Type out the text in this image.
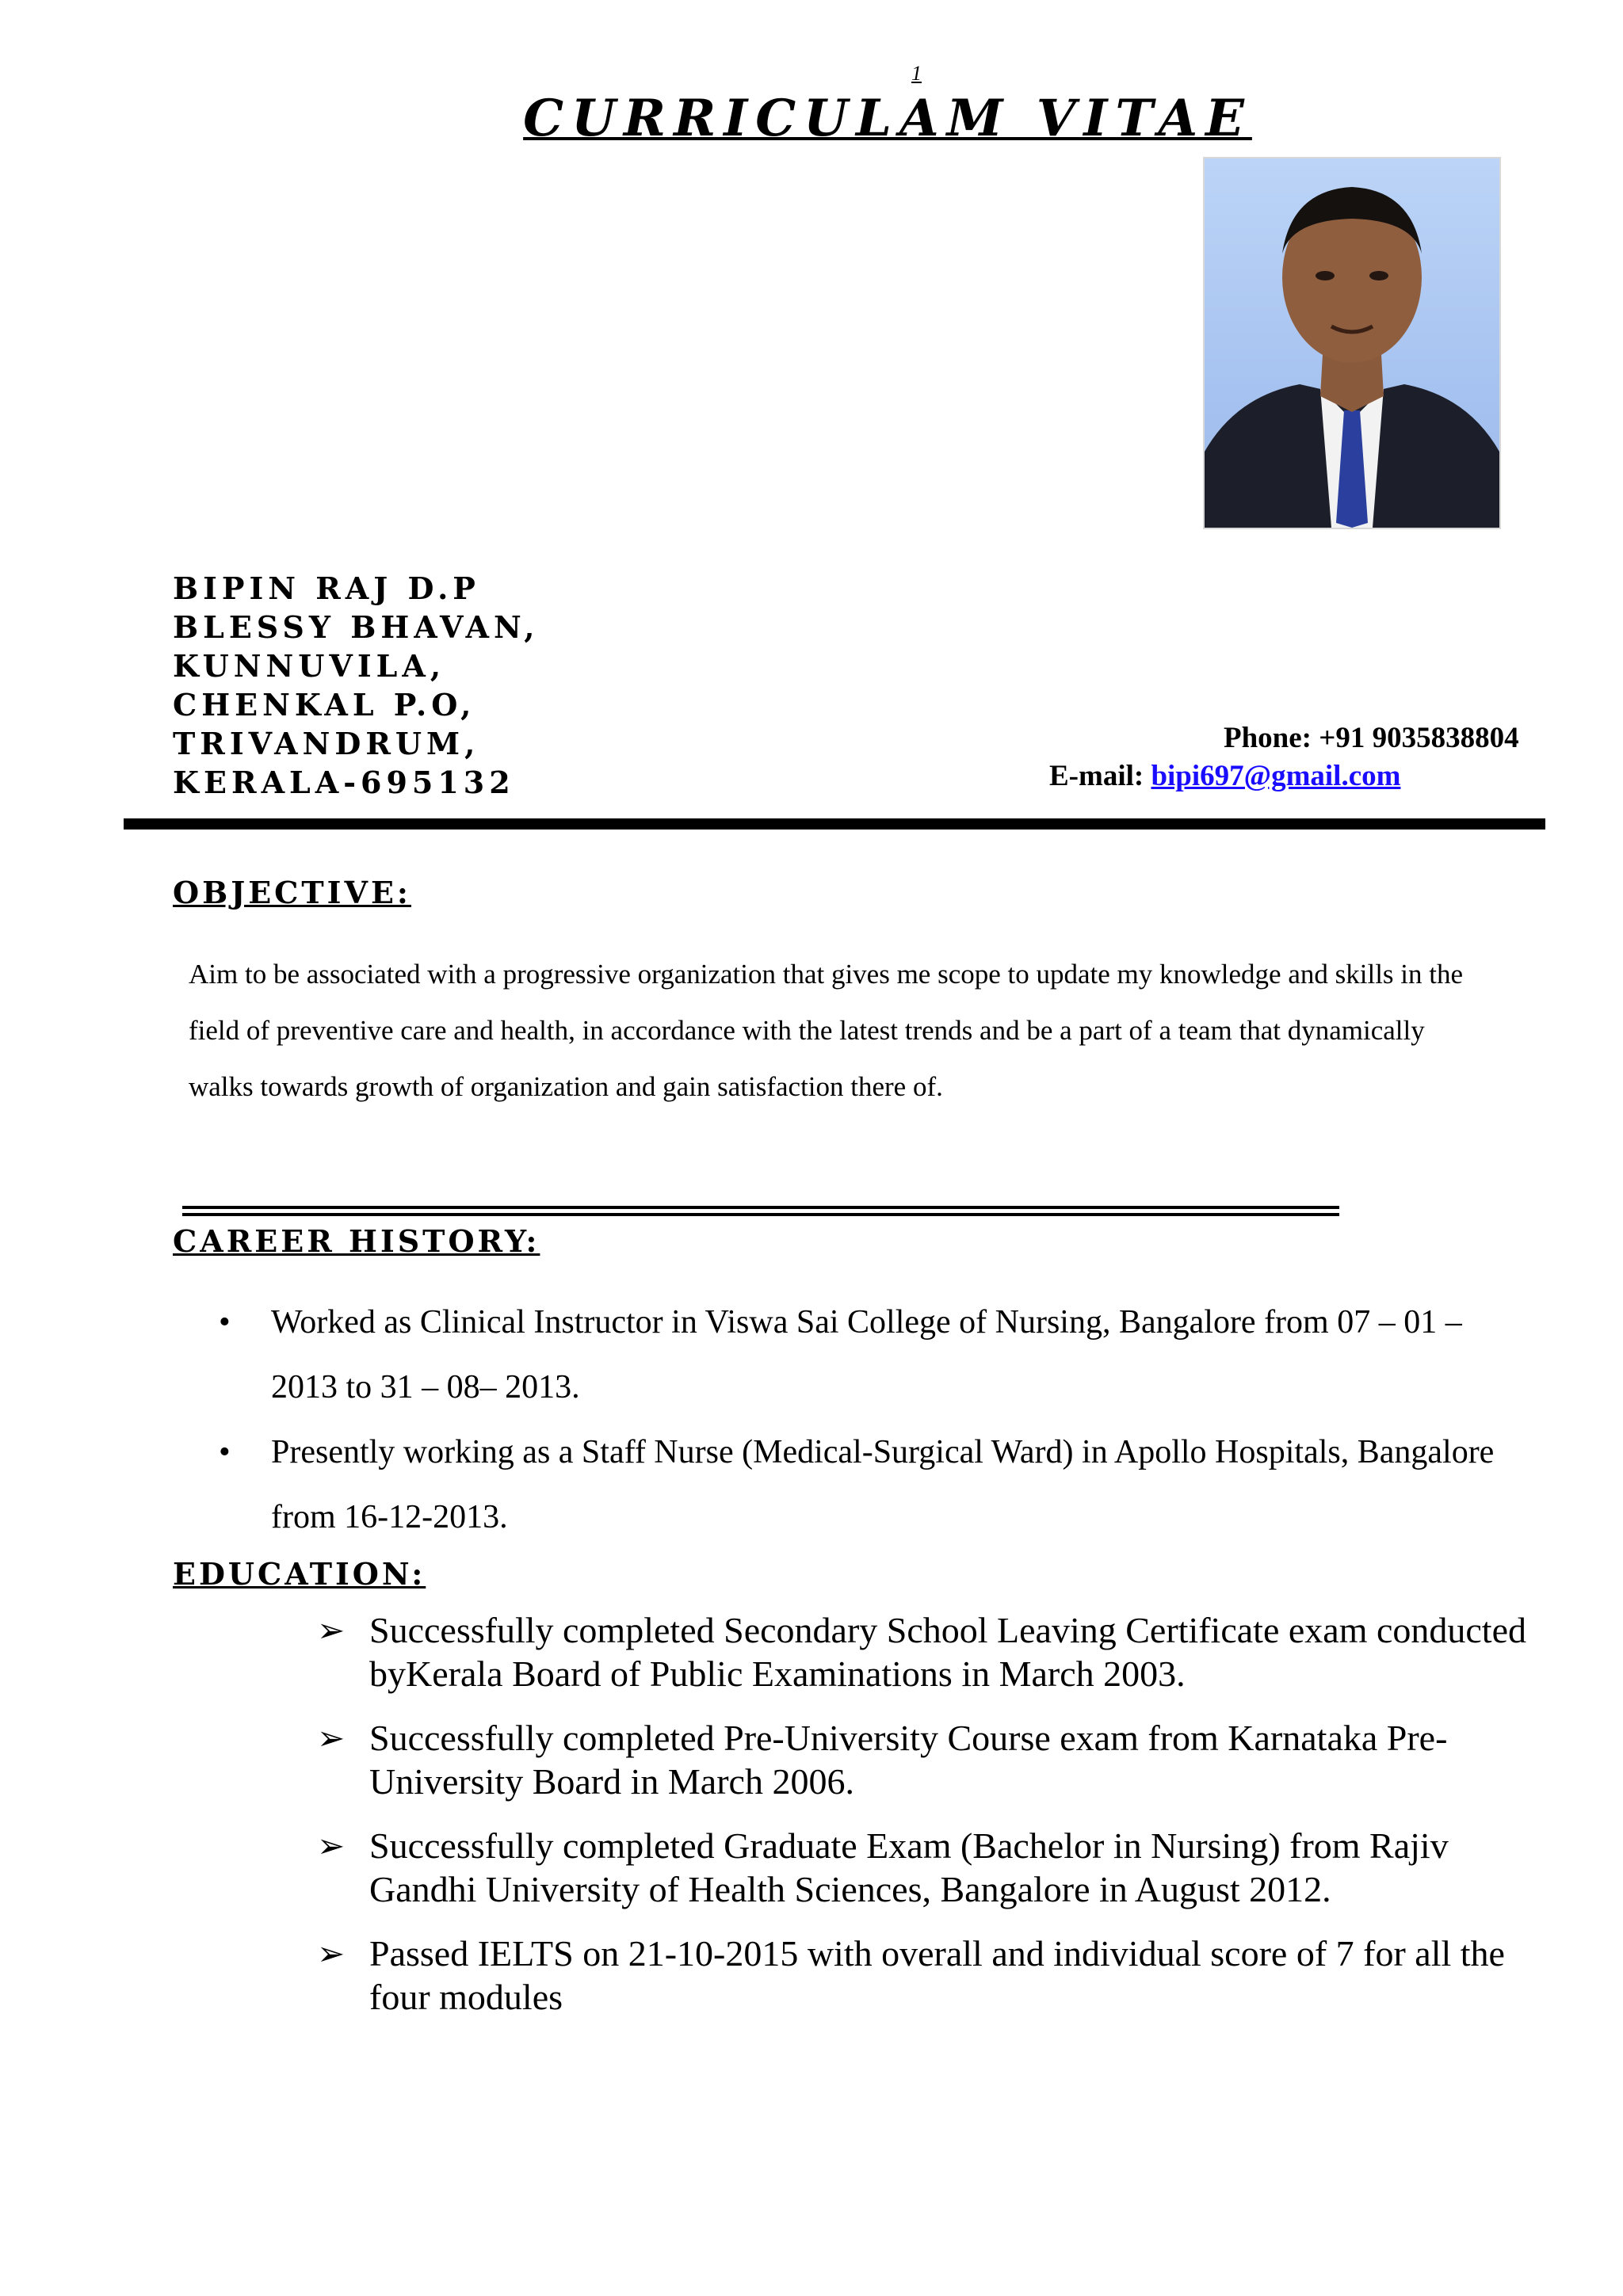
1
CURRICULAM VITAE
BIPIN RAJ D.P
BLESSY BHAVAN,
KUNNUVILA,
CHENKAL P.O,
TRIVANDRUM,
KERALA-695132
Phone: +91 9035838804
E-mail: bipi697@gmail.com
OBJECTIVE:
Aim to be associated with a progressive organization that gives me scope to update my knowledge and skills in the field of preventive care and health, in accordance with the latest trends and be a part of a team that dynamically walks towards growth of organization and gain satisfaction there of.
CAREER HISTORY:
• Worked as Clinical Instructor in Viswa Sai College of Nursing, Bangalore from 07 – 01 – 2013 to 31 – 08– 2013.
• Presently working as a Staff Nurse (Medical-Surgical Ward) in Apollo Hospitals, Bangalore from 16-12-2013.
EDUCATION:
➢ Successfully completed Secondary School Leaving Certificate exam conducted byKerala Board of Public Examinations in March 2003.
➢ Successfully completed Pre-University Course exam from Karnataka Pre-University Board in March 2006.
➢ Successfully completed Graduate Exam (Bachelor in Nursing) from Rajiv Gandhi University of Health Sciences, Bangalore in August 2012.
➢ Passed IELTS on 21-10-2015 with overall and individual score of 7 for all the four modules
